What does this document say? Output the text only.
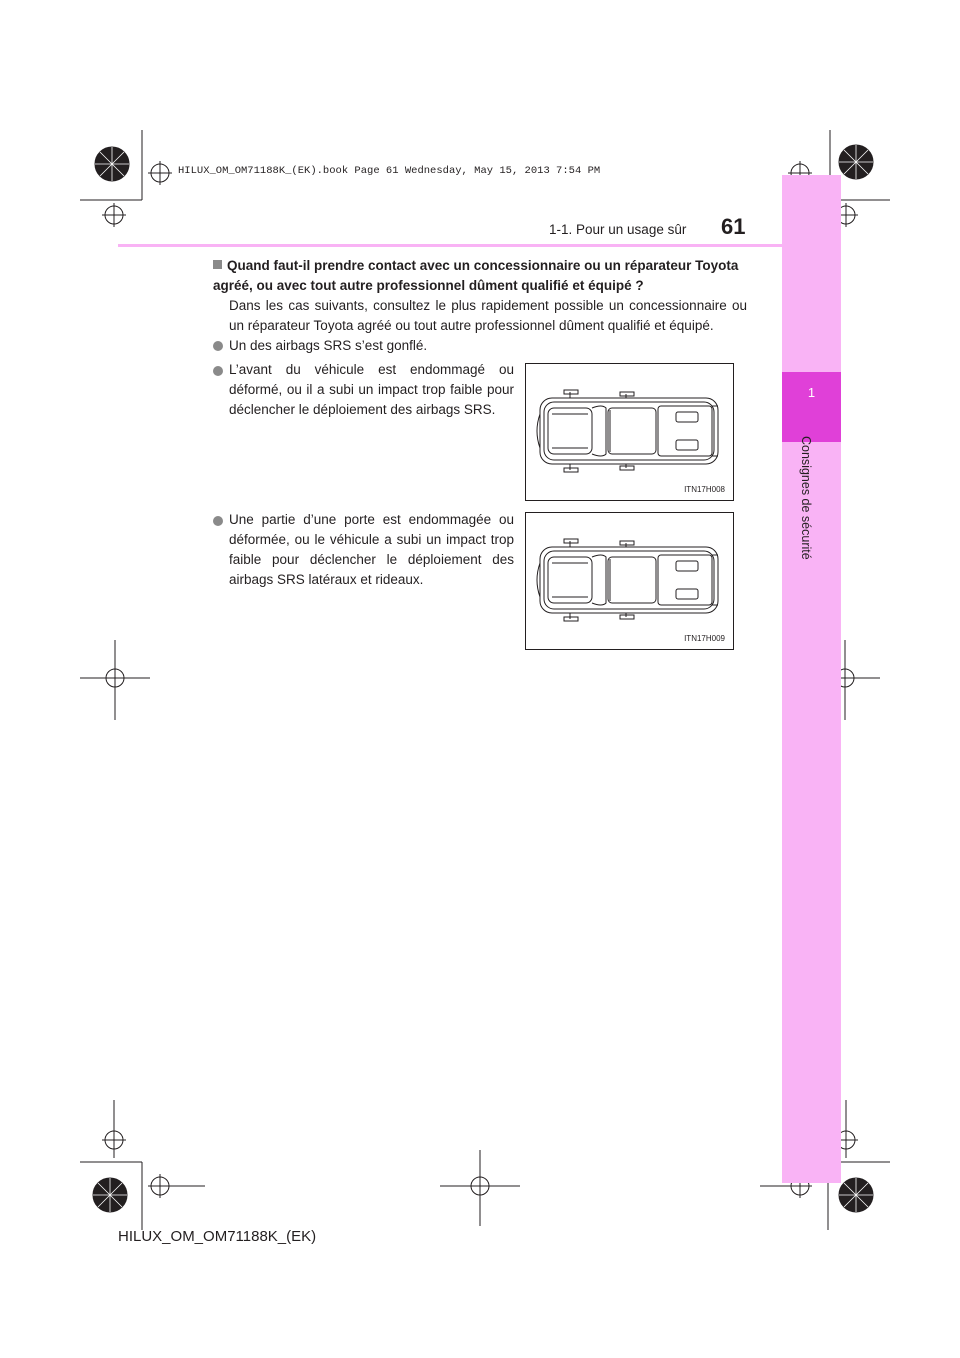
1
Consignes de sécurité
HILUX_OM_OM71188K_(EK).book Page 61 Wednesday, May 15, 2013 7:54 PM
1-1. Pour un usage sûr 61
Quand faut-il prendre contact avec un concessionnaire ou un réparateur Toyota agréé, ou avec tout autre professionnel dûment qualifié et équipé ?
Dans les cas suivants, consultez le plus rapidement possible un concessionnaire ou un réparateur Toyota agréé ou tout autre professionnel dûment qualifié et équipé.
Un des airbags SRS s’est gonflé.
L’avant du véhicule est endommagé ou déformé, ou il a subi un impact trop faible pour déclencher le déploiement des airbags SRS.
Une partie d’une porte est endommagée ou déformée, ou le véhicule a subi un impact trop faible pour déclencher le déploiement des airbags SRS latéraux et rideaux.
ITN17H008
ITN17H009
HILUX_OM_OM71188K_(EK)
